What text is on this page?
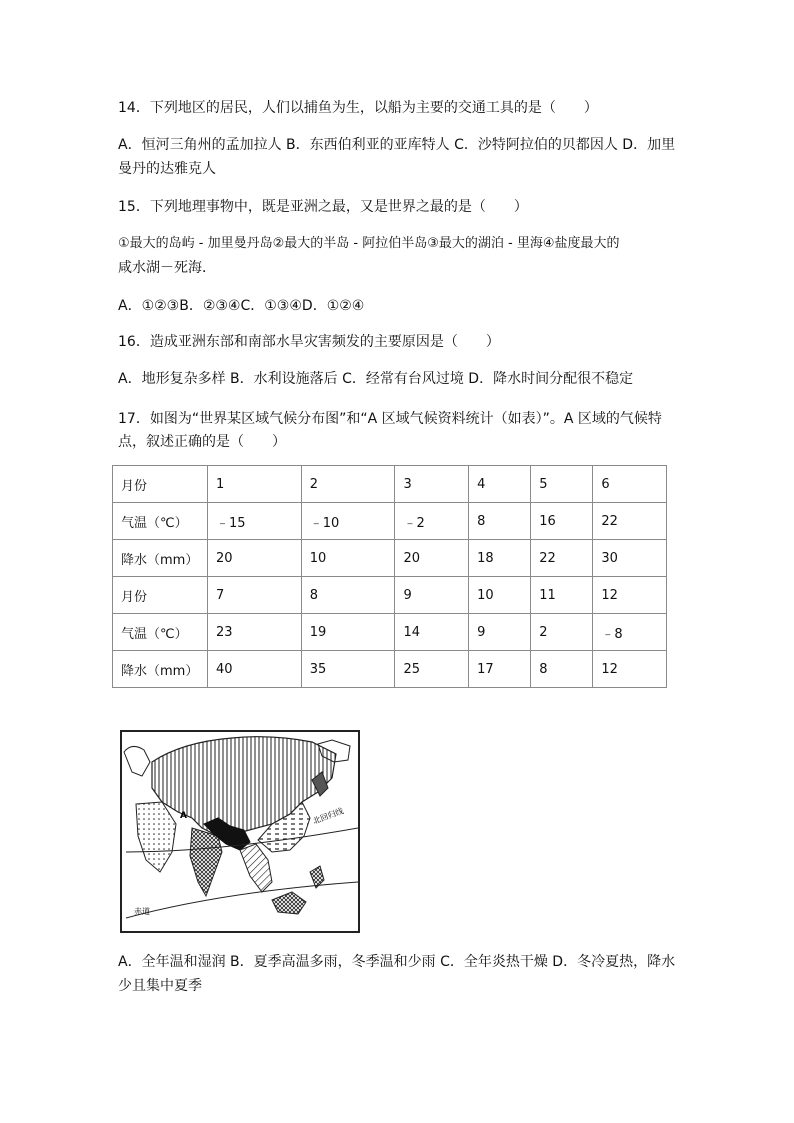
14．下列地区的居民，人们以捕鱼为生，以船为主要的交通工具的是（　　）
A．恒河三角州的孟加拉人 B．东西伯利亚的亚库特人 C．沙特阿拉伯的贝都因人 D．加里
曼丹的达雅克人
15．下列地理事物中，既是亚洲之最，又是世界之最的是（　　）
①最大的岛屿 - 加里曼丹岛②最大的半岛 - 阿拉伯半岛③最大的湖泊 - 里海④盐度最大的
咸水湖－死海．
A．①②③B．②③④C．①③④D．①②④
16．造成亚洲东部和南部水旱灾害频发的主要原因是（　　）
A．地形复杂多样 B．水利设施落后 C．经常有台风过境 D．降水时间分配很不稳定
17．如图为“世界某区域气候分布图”和“A 区域气候资料统计（如表）”。A 区域的气候特
点，叙述正确的是（　　）
月份	1	2	3	4	5	6
气温（℃）	﹣15	﹣10	﹣2	8	16	22
降水（mm）	20	10	20	18	22	30
月份	7	8	9	10	11	12
气温（℃）	23	19	14	9	2	﹣8
降水（mm）	40	35	25	17	8	12
北回归线
赤道
A
A．全年温和湿润 B．夏季高温多雨，冬季温和少雨 C．全年炎热干燥 D．冬冷夏热，降水
少且集中夏季
